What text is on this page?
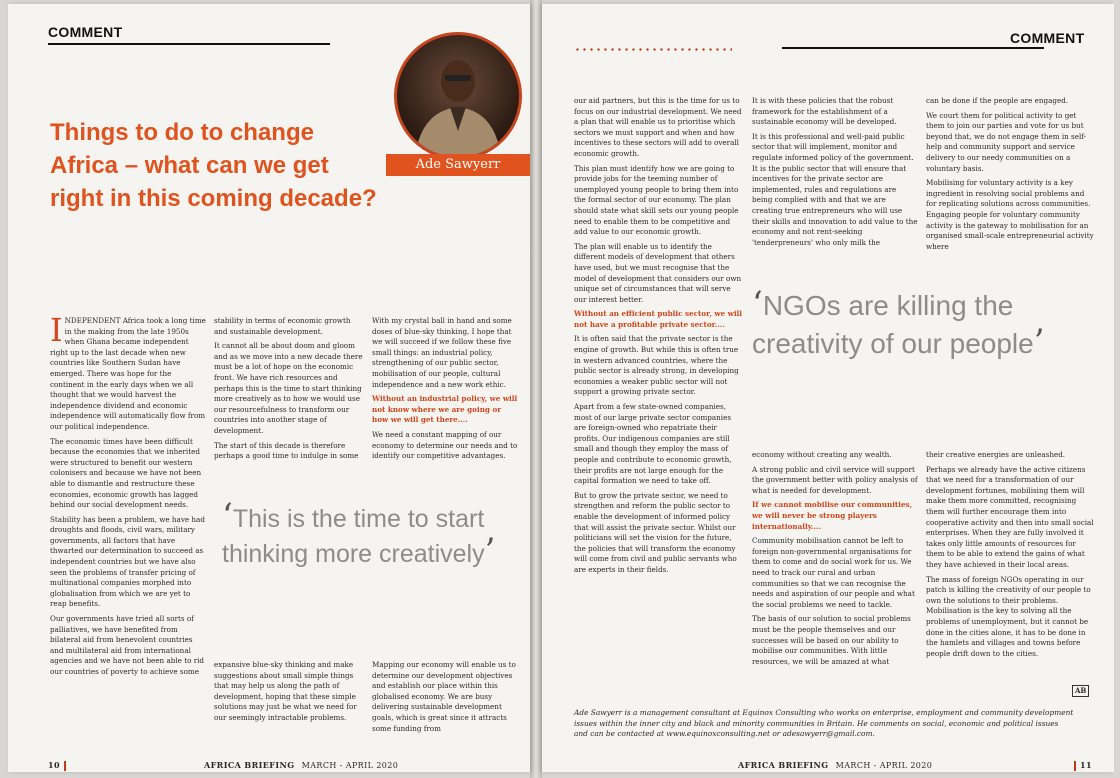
COMMENT
Things to do to change Africa – what can we get right in this coming decade?
Ade Sawyerr

INDEPENDENT Africa took a long time in the making from the late 1950s when Ghana became independent right up to the last decade when new countries like Southern Sudan have emerged. There was hope for the continent in the early days when we all thought that we would harvest the independence dividend and economic independence will automatically flow from our political independence.

The economic times have been difficult because the economies that we inherited were structured to benefit our western colonisers and because we have not been able to dismantle and restructure these economies, economic growth has lagged behind our social development needs.

Stability has been a problem, we have had droughts and floods, civil wars, military governments, all factors that have thwarted our determination to succeed as independent countries but we have also seen the problems of transfer pricing of multinational companies morphed into globalisation from which we are yet to reap benefits.

Our governments have tried all sorts of palliatives, we have benefited from bilateral aid from benevolent countries and multilateral aid from international agencies and we have not been able to rid our countries of poverty to achieve some

stability in terms of economic growth and sustainable development.

It cannot all be about doom and gloom and as we move into a new decade there must be a lot of hope on the economic front. We have rich resources and perhaps this is the time to start thinking more creatively as to how we would use our resourcefulness to transform our countries into another stage of development.

The start of this decade is therefore perhaps a good time to indulge in some

With my crystal ball in hand and some doses of blue-sky thinking, I hope that we will succeed if we follow these five small things: an industrial policy, strengthening of our public sector, mobilisation of our people, cultural independence and a new work ethic.

Without an industrial policy, we will not know where we are going or how we will get there....

We need a constant mapping of our economy to determine our needs and to identify our competitive advantages.

‘This is the time to start thinking more creatively’

expansive blue-sky thinking and make suggestions about small simple things that may help us along the path of development, hoping that these simple solutions may just be what we need for our seemingly intractable problems.

Mapping our economy will enable us to determine our development objectives and establish our place within this globalised economy. We are busy delivering sustainable development goals, which is great since it attracts some funding from

10	AFRICA BRIEFING MARCH - APRIL 2020
COMMENT

our aid partners, but this is the time for us to focus on our industrial development. We need a plan that will enable us to prioritise which sectors we must support and when and how incentives to these sectors will add to overall economic growth.

This plan must identify how we are going to provide jobs for the teeming number of unemployed young people to bring them into the formal sector of our economy. The plan should state what skill sets our young people need to enable them to be competitive and add value to our economic growth.

The plan will enable us to identify the different models of development that others have used, but we must recognise that the model of development that considers our own unique set of circumstances that will serve our interest better.

Without an efficient public sector, we will not have a profitable private sector....

It is often said that the private sector is the engine of growth. But while this is often true in western advanced countries, where the public sector is already strong, in developing economies a weaker public sector will not support a growing private sector.

Apart from a few state-owned companies, most of our large private sector companies are foreign-owned who repatriate their profits. Our indigenous companies are still small and though they employ the mass of people and contribute to economic growth, their profits are not large enough for the capital formation we need to take off.

But to grow the private sector, we need to strengthen and reform the public sector to enable the development of informed policy that will assist the private sector. Whilst our politicians will set the vision for the future, the policies that will transform the economy will come from civil and public servants who are experts in their fields.

It is with these policies that the robust framework for the establishment of a sustainable economy will be developed.

It is this professional and well-paid public sector that will implement, monitor and regulate informed policy of the government. It is the public sector that will ensure that incentives for the private sector are implemented, rules and regulations are being complied with and that we are creating true entrepreneurs who will use their skills and innovation to add value to the economy and not rent-seeking 'tenderpreneurs' who only milk the

can be done if the people are engaged.

We court them for political activity to get them to join our parties and vote for us but beyond that, we do not engage them in self-help and community support and service delivery to our needy communities on a voluntary basis.

Mobilising for voluntary activity is a key ingredient in resolving social problems and for replicating solutions across communities. Engaging people for voluntary community activity is the gateway to mobilisation for an organised small-scale entrepreneurial activity where

‘NGOs are killing the creativity of our people’

economy without creating any wealth.

A strong public and civil service will support the government better with policy analysis of what is needed for development.

If we cannot mobilise our communities, we will never be strong players internationally....

Community mobilisation cannot be left to foreign non-governmental organisations for them to come and do social work for us. We need to track our rural and urban communities so that we can recognise the needs and aspiration of our people and what the social problems we need to tackle.

The basis of our solution to social problems must be the people themselves and our successes will be based on our ability to mobilise our communities. With little resources, we will be amazed at what

their creative energies are unleashed.

Perhaps we already have the active citizens that we need for a transformation of our development fortunes, mobilising them will make them more committed, recognising them will further encourage them into cooperative activity and then into small social enterprises. When they are fully involved it takes only little amounts of resources for them to be able to extend the gains of what they have achieved in their local areas.

The mass of foreign NGOs operating in our patch is killing the creativity of our people to own the solutions to their problems. Mobilisation is the key to solving all the problems of unemployment, but it cannot be done in the cities alone, it has to be done in the hamlets and villages and towns before people drift down to the cities.

AB
Ade Sawyerr is a management consultant at Equinox Consulting who works on enterprise, employment and community development issues within the inner city and black and minority communities in Britain. He comments on social, economic and political issues and can be contacted at www.equinoxconsulting.net or adesawyerr@gmail.com.
AFRICA BRIEFING MARCH - APRIL 2020	11
